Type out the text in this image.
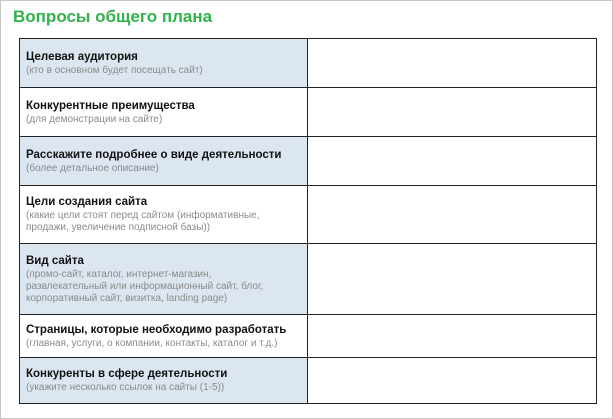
Вопросы общего плана
Целевая аудитория
(кто в основном будет посещать сайт)	

Конкурентные преимущества
(для демонстрации на сайте)	

Расскажите подробнее о виде деятельности
(более детальное описание)	

Цели создания сайта
(какие цели стоят перед сайтом (информативные,
продажи, увеличение подписной базы))	

Вид сайта
(промо-сайт, каталог, интернет-магазин,
развлекательный или информационный сайт, блог,
корпоративный сайт, визитка, landing page)	

Страницы, которые необходимо разработать
(главная, услуги, о компании, контакты, каталог и т.д.)	

Конкуренты в сфере деятельности
(укажите несколько ссылок на сайты (1-5))	
